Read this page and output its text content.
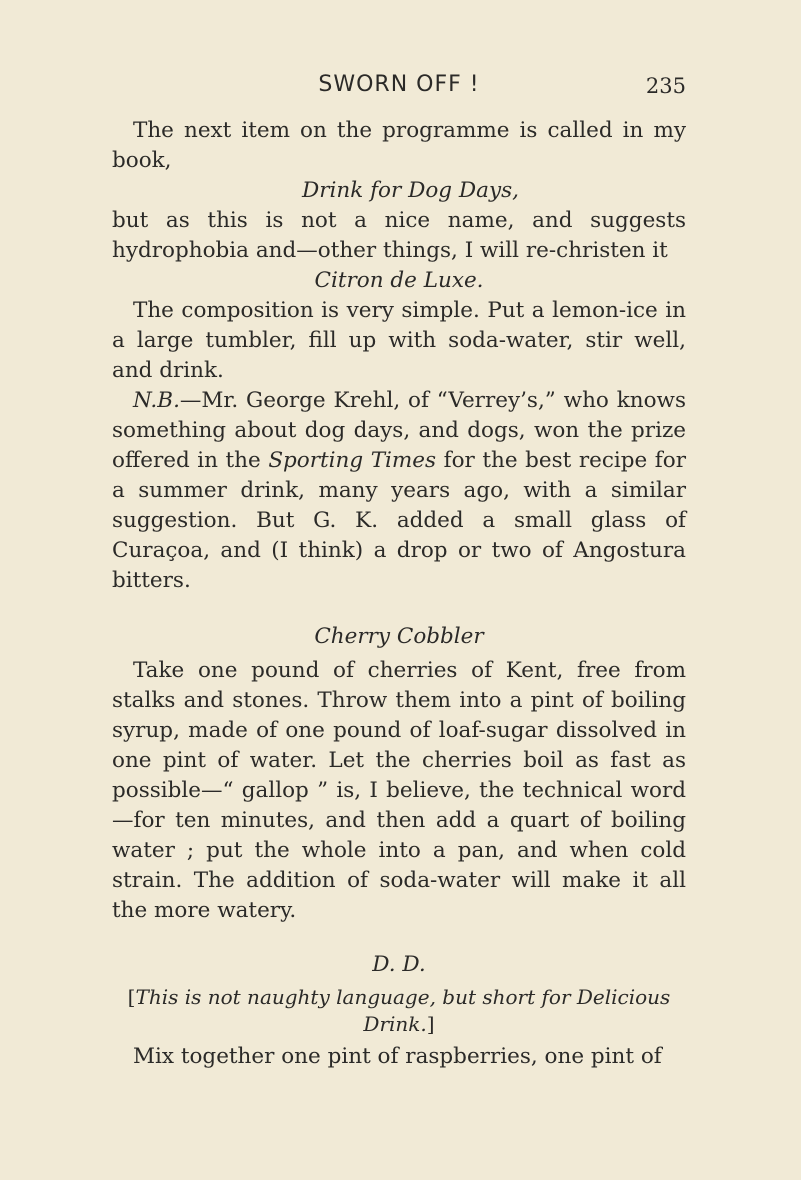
SWORN OFF !	235

The next item on the programme is called in my book,

Drink for Dog Days,

but as this is not a nice name, and suggests hydrophobia and—other things, I will re-christen it

Citron de Luxe.

The composition is very simple. Put a lemon-ice in a large tumbler, fill up with soda-water, stir well, and drink.

N.B.—Mr. George Krehl, of “Verrey’s,” who knows something about dog days, and dogs, won the prize offered in the Sporting Times for the best recipe for a summer drink, many years ago, with a similar suggestion. But G. K. added a small glass of Curaçoa, and (I think) a drop or two of Angostura bitters.

Cherry Cobbler

Take one pound of cherries of Kent, free from stalks and stones. Throw them into a pint of boiling syrup, made of one pound of loaf-sugar dissolved in one pint of water. Let the cherries boil as fast as possible—“ gallop ” is, I believe, the technical word—for ten minutes, and then add a quart of boiling water ; put the whole into a pan, and when cold strain. The addition of soda-water will make it all the more watery.

D. D.

[This is not naughty language, but short for Delicious Drink.]

Mix together one pint of raspberries, one pint of
